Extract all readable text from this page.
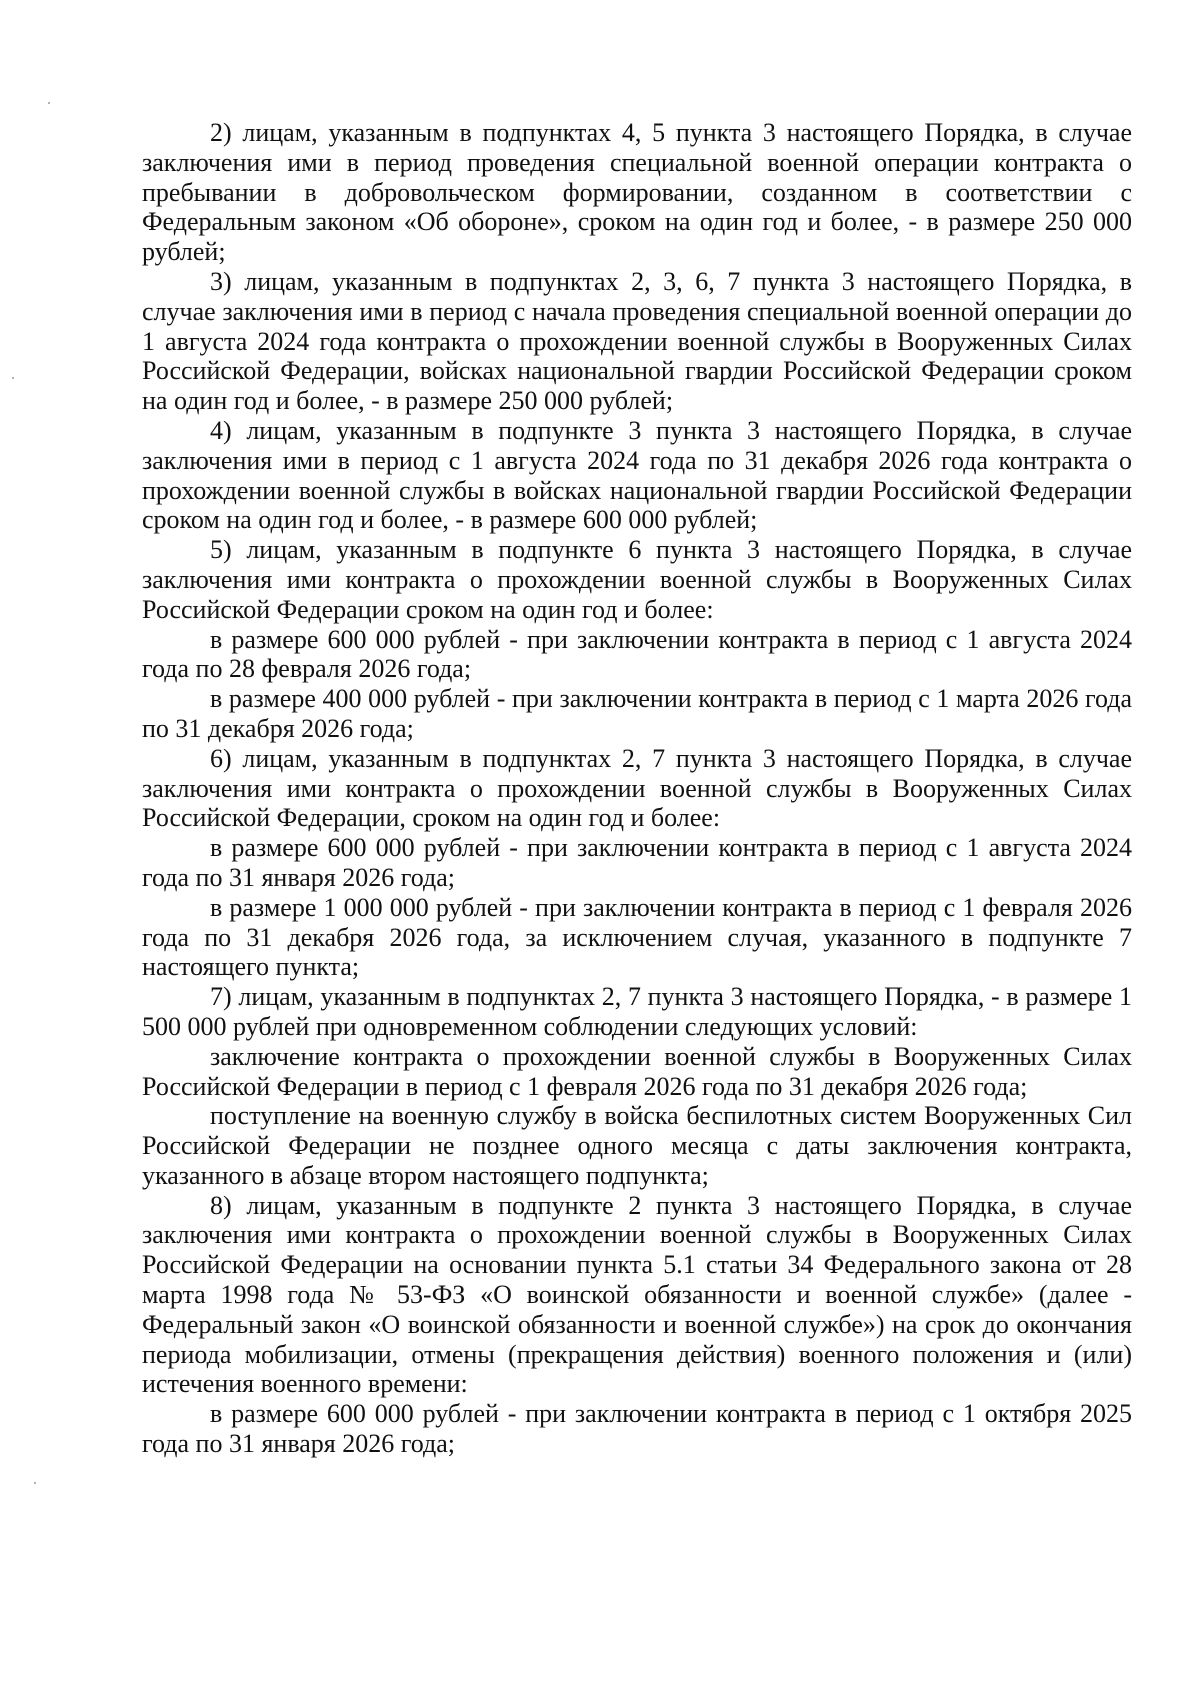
2) лицам, указанным в подпунктах 4, 5 пункта 3 настоящего Порядка, в случае заключения ими в период проведения специальной военной операции контракта о пребывании в добровольческом формировании, созданном в соответствии с Федеральным законом «Об обороне», сроком на один год и более, - в размере 250 000 рублей;

3) лицам, указанным в подпунктах 2, 3, 6, 7 пункта 3 настоящего Порядка, в случае заключения ими в период с начала проведения специальной военной операции до 1 августа 2024 года контракта о прохождении военной службы в Вооруженных Силах Российской Федерации, войсках национальной гвардии Российской Федерации сроком на один год и более, - в размере 250 000 рублей;

4) лицам, указанным в подпункте 3 пункта 3 настоящего Порядка, в случае заключения ими в период с 1 августа 2024 года по 31 декабря 2026 года контракта о прохождении военной службы в войсках национальной гвардии Российской Федерации сроком на один год и более, - в размере 600 000 рублей;

5) лицам, указанным в подпункте 6 пункта 3 настоящего Порядка, в случае заключения ими контракта о прохождении военной службы в Вооруженных Силах Российской Федерации сроком на один год и более:

в размере 600 000 рублей - при заключении контракта в период с 1 августа 2024 года по 28 февраля 2026 года;

в размере 400 000 рублей - при заключении контракта в период с 1 марта 2026 года по 31 декабря 2026 года;

6) лицам, указанным в подпунктах 2, 7 пункта 3 настоящего Порядка, в случае заключения ими контракта о прохождении военной службы в Вооруженных Силах Российской Федерации, сроком на один год и более:

в размере 600 000 рублей - при заключении контракта в период с 1 августа 2024 года по 31 января 2026 года;

в размере 1 000 000 рублей - при заключении контракта в период с 1 февраля 2026 года по 31 декабря 2026 года, за исключением случая, указанного в подпункте 7 настоящего пункта;

7) лицам, указанным в подпунктах 2, 7 пункта 3 настоящего Порядка, - в размере 1 500 000 рублей при одновременном соблюдении следующих условий:

заключение контракта о прохождении военной службы в Вооруженных Силах Российской Федерации в период с 1 февраля 2026 года по 31 декабря 2026 года;

поступление на военную службу в войска беспилотных систем Вооруженных Сил Российской Федерации не позднее одного месяца с даты заключения контракта, указанного в абзаце втором настоящего подпункта;

8) лицам, указанным в подпункте 2 пункта 3 настоящего Порядка, в случае заключения ими контракта о прохождении военной службы в Вооруженных Силах Российской Федерации на основании пункта 5.1 статьи 34 Федерального закона от 28 марта 1998 года № 53-ФЗ «О воинской обязанности и военной службе» (далее - Федеральный закон «О воинской обязанности и военной службе») на срок до окончания периода мобилизации, отмены (прекращения действия) военного положения и (или) истечения военного времени:

в размере 600 000 рублей - при заключении контракта в период с 1 октября 2025 года по 31 января 2026 года;
